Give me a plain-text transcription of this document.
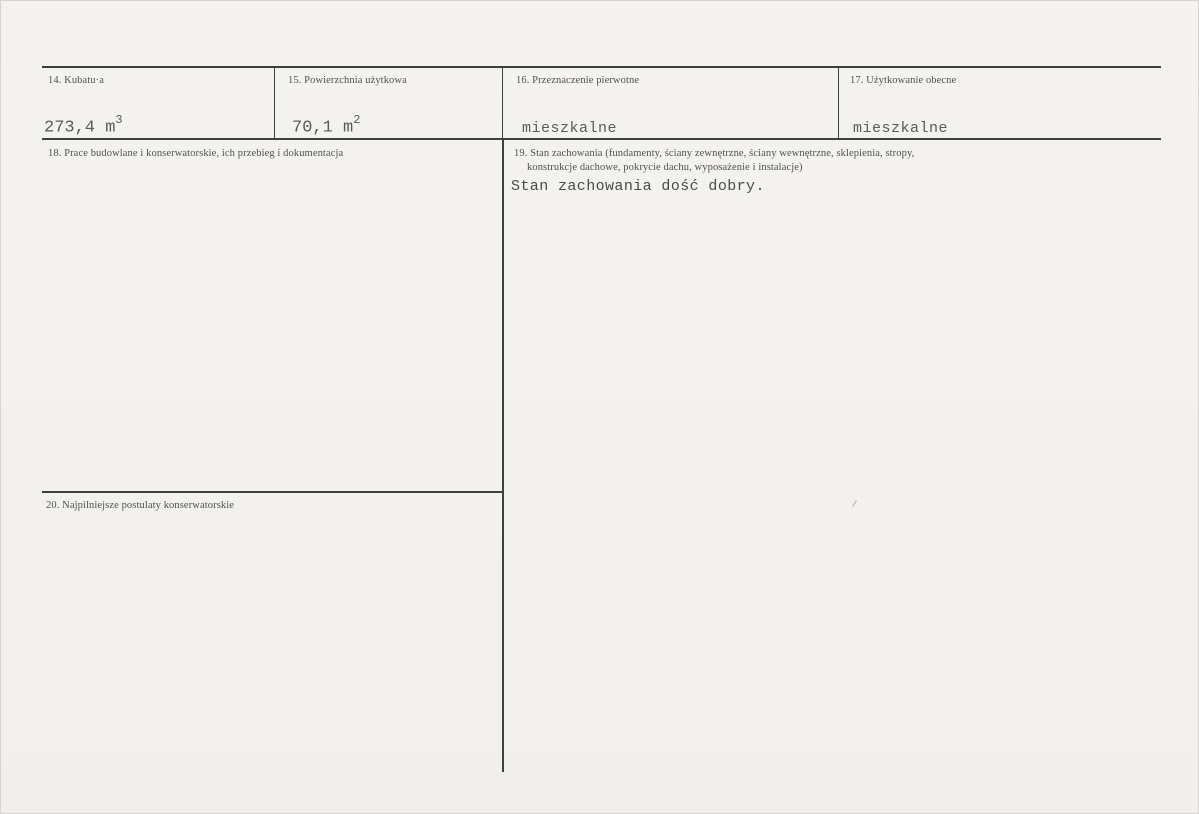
14. Kubatu·a
273,4 $m^3$
15. Powierzchnia użytkowa
70,1 $m^2$
16. Przeznaczenie pierwotne
mieszkalne
17. Użytkowanie obecne
mieszkalne
18. Prace budowlane i konserwatorskie, ich przebieg i dokumentacja	19. Stan zachowania (fundamenty, ściany zewnętrzne, ściany wewnętrzne, sklepienia, stropy,
konstrukcje dachowe, pokrycie dachu, wyposażenie i instalacje)
Stan zachowania dość dobry.
20. Najpilniejsze postulaty konserwatorskie
